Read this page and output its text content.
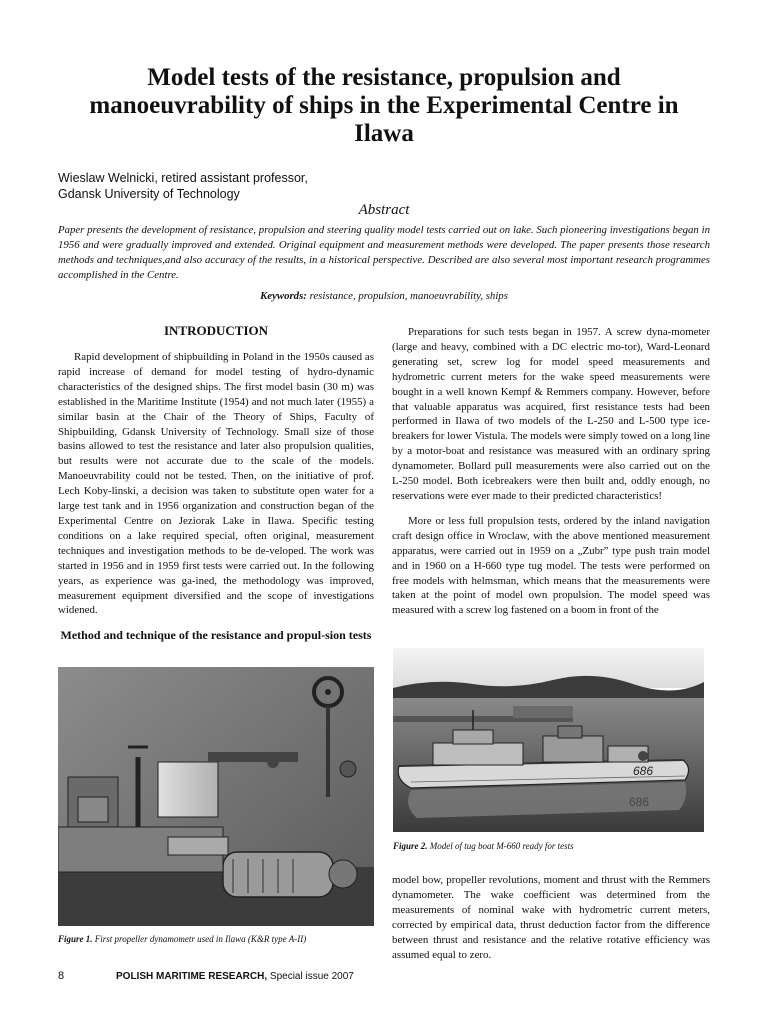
Model tests of the resistance, propulsion and manoeuvrability of ships in the Experimental Centre in Ilawa
Wieslaw Welnicki, retired assistant professor,
Gdansk University of Technology
Abstract
Paper presents the development of resistance, propulsion and steering quality model tests carried out on lake. Such pioneering investigations began in 1956 and were gradually improved and extended. Original equipment and measurement methods were developed. The paper presents those research methods and techniques,and also accuracy of the results, in a historical perspective. Described are also several most important research programmes accomplished in the Centre.
Keywords: resistance, propulsion, manoeuvrability, ships
INTRODUCTION

Rapid development of shipbuilding in Poland in the 1950s caused as rapid increase of demand for model testing of hydro-dynamic characteristics of the designed ships. The first model basin (30 m) was established in the Maritime Institute (1954) and not much later (1955) a similar basin at the Chair of the Theory of Ships, Faculty of Shipbuilding, Gdansk University of Technology. Small size of those basins allowed to test the resistance and later also propulsion qualities, but results were not accurate due to the scale of the models. Manoeuvrability could not be tested. Then, on the initiative of prof. Lech Koby-linski, a decision was taken to substitute open water for a large test tank and in 1956 organization and construction began of the Experimental Centre on Jeziorak Lake in Ilawa. Specific testing conditions on a lake required special, often original, measurement techniques and investigation methods to be de-veloped. The work was started in 1956 and in 1959 first tests were carried out. In the following years, as experience was ga-ined, the methodology was improved, measurement equipment diversified and the scope of investigations widened.

Method and technique of the resistance and propul-sion tests

Preparations for such tests began in 1957. A screw dyna-mometer (large and heavy, combined with a DC electric mo-tor), Ward-Leonard generating set, screw log for model speed measurements and hydrometric current meters for the wake speed measurements were bought in a well known Kempf & Remmers company. However, before that valuable apparatus was acquired, first resistance tests had been performed in Ilawa of two models of the L-250 and L-500 type ice-breakers for lower Vistula. The models were simply towed on a long line by a motor-boat and resistance was measured with an ordinary spring dynamometer. Bollard pull measurements were also carried out on the L-250 model. Both icebreakers were then built and, oddly enough, no reservations were ever made to their predicted characteristics!

More or less full propulsion tests, ordered by the inland navigation craft design office in Wroclaw, with the above mentioned measurement apparatus, were carried out in 1959 on a „Zubr” type push train model and in 1960 on a H-660 type tug model. The tests were performed on free models with helmsman, which means that the measurements were taken at the point of model own propulsion. The model speed was measured with a screw log fastened on a boom in front of the

686
686
Figure 2. Model of tug boat M-660 ready for tests

model bow, propeller revolutions, moment and thrust with the Remmers dynamometer. The wake coefficient was determined from the measurements of nominal wake with hydrometric current meters, corrected by empirical data, thrust deduction factor from the difference between thrust and resistance and the relative rotative efficiency was assumed equal to zero.

Figure 1. First propeller dynamometr used in Ilawa (K&R type A-II)
8	POLISH MARITIME RESEARCH, Special issue 2007
